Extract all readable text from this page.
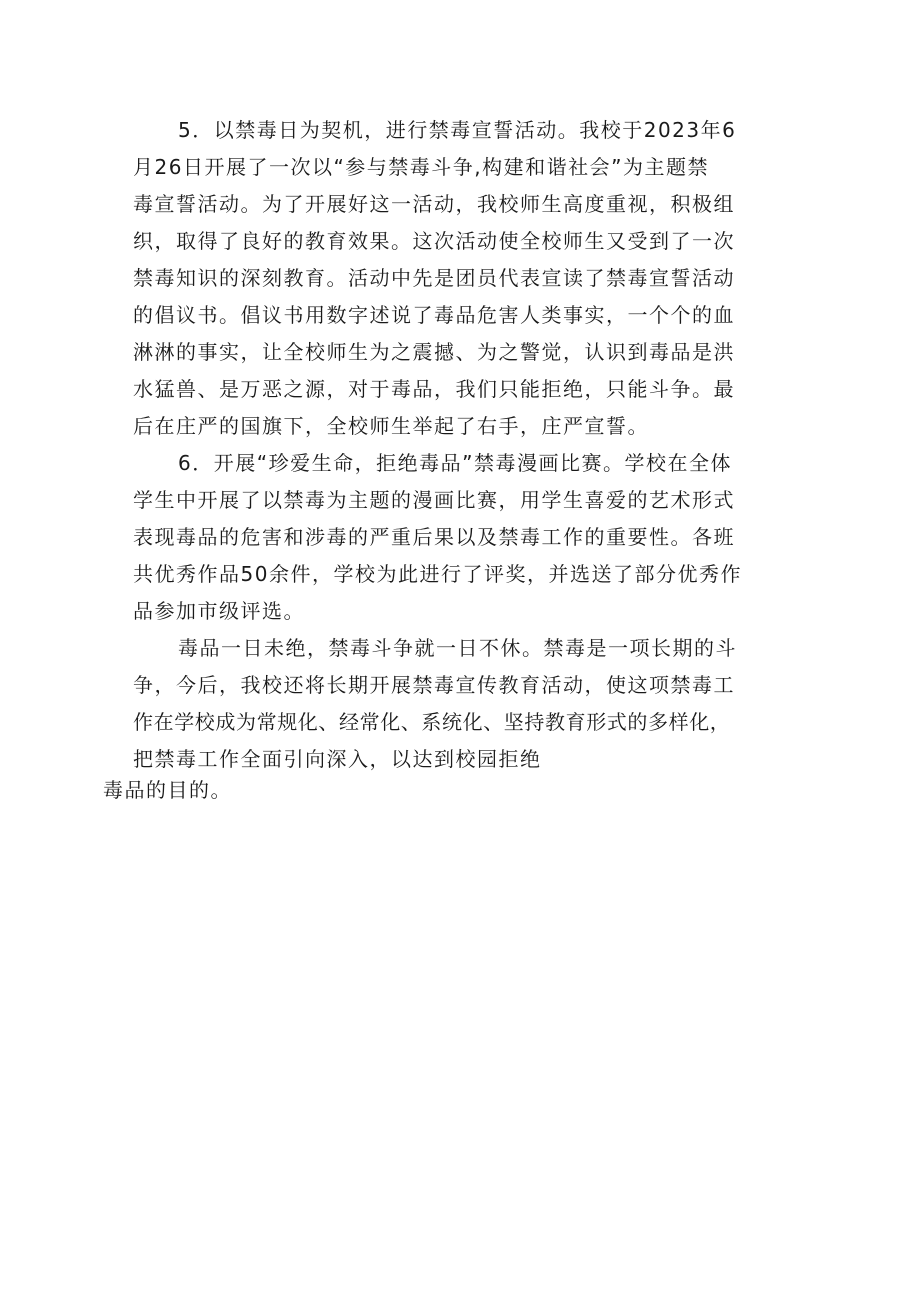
5．以禁毒日为契机，进行禁毒宣誓活动。我校于2023年6
月26日开展了一次以“参与禁毒斗争,构建和谐社会”为主题禁
毒宣誓活动。为了开展好这一活动，我校师生高度重视，积极组
织，取得了良好的教育效果。这次活动使全校师生又受到了一次
禁毒知识的深刻教育。活动中先是团员代表宣读了禁毒宣誓活动
的倡议书。倡议书用数字述说了毒品危害人类事实，一个个的血
淋淋的事实，让全校师生为之震撼、为之警觉，认识到毒品是洪
水猛兽、是万恶之源，对于毒品，我们只能拒绝，只能斗争。最
后在庄严的国旗下，全校师生举起了右手，庄严宣誓。
6．开展“珍爱生命，拒绝毒品”禁毒漫画比赛。学校在全体
学生中开展了以禁毒为主题的漫画比赛，用学生喜爱的艺术形式
表现毒品的危害和涉毒的严重后果以及禁毒工作的重要性。各班
共优秀作品50余件，学校为此进行了评奖，并选送了部分优秀作
品参加市级评选。
毒品一日未绝，禁毒斗争就一日不休。禁毒是一项长期的斗
争，今后，我校还将长期开展禁毒宣传教育活动，使这项禁毒工
作在学校成为常规化、经常化、系统化、坚持教育形式的多样化，
把禁毒工作全面引向深入，以达到校园拒绝
毒品的目的。
